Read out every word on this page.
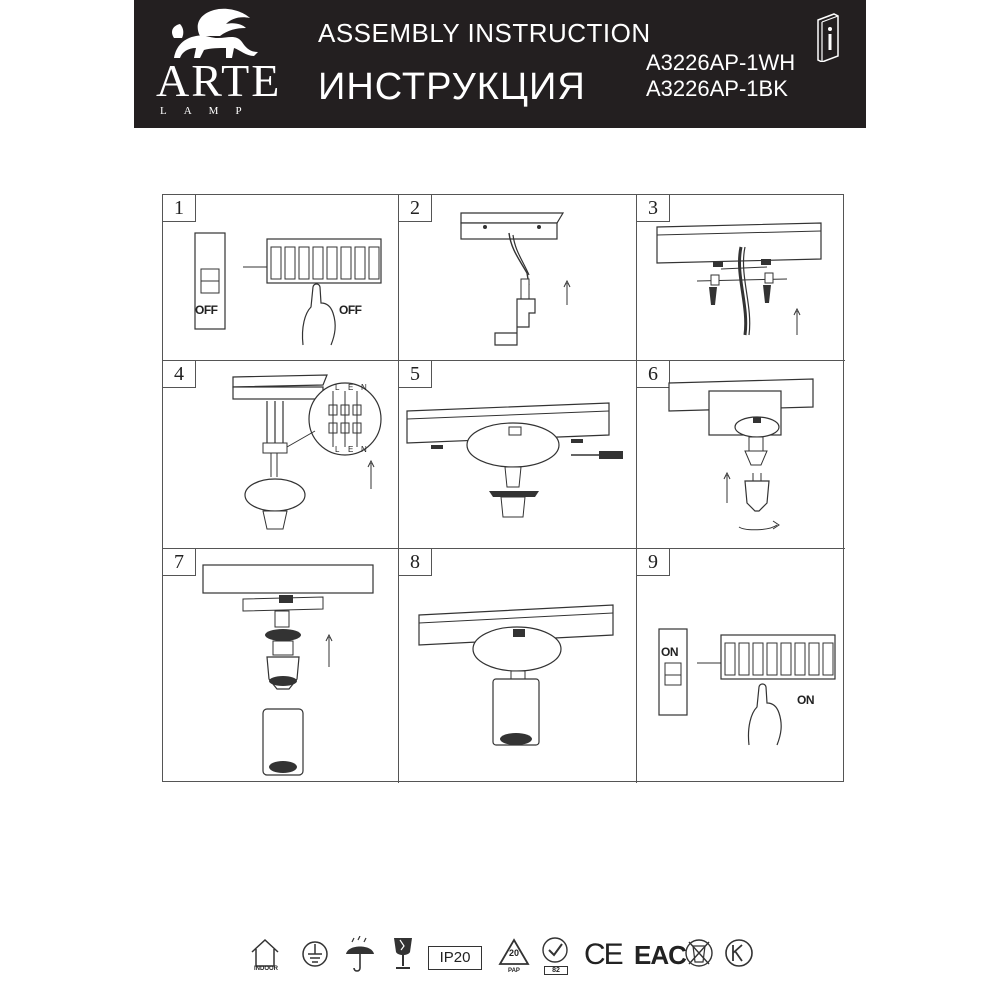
ARTE
LAMP
ASSEMBLY INSTRUCTION
ИНСТРУКЦИЯ
A3226AP-1WH
A3226AP-1BK
1
OFF	OFF
2	3
4
L E N
L E N
5	6
7	8	9
ON
ON
INDOOR
IP20	20
PAP	82 CE EAC
